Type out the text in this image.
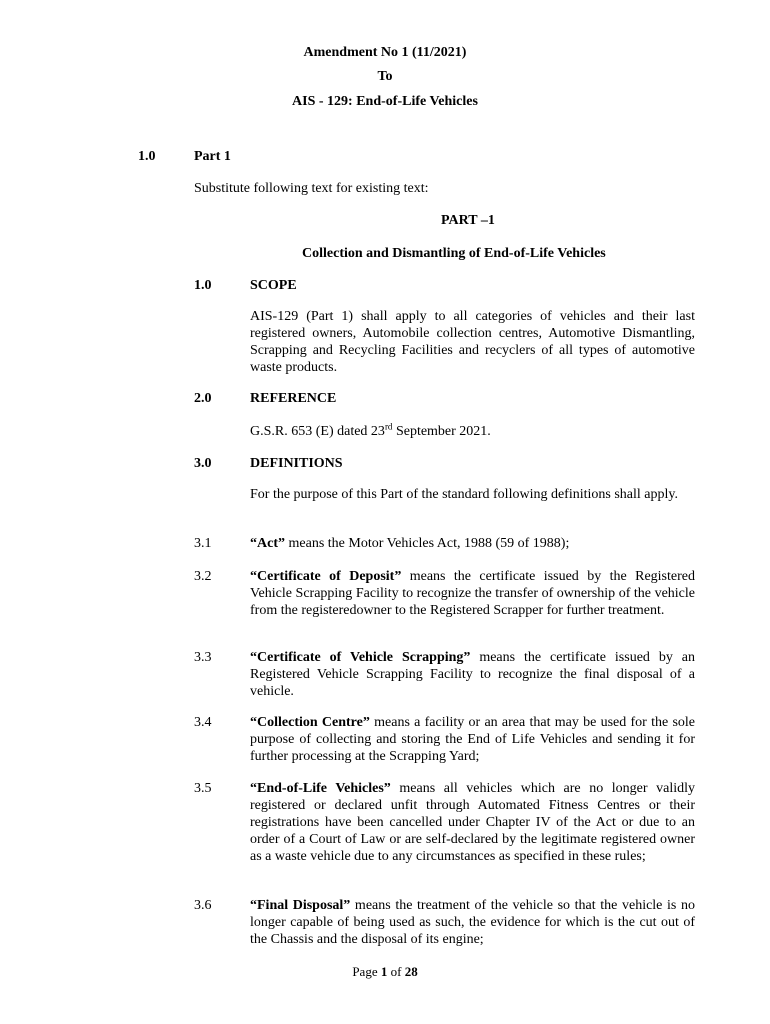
Amendment No 1 (11/2021)
To
AIS - 129: End-of-Life Vehicles
1.0	Part 1
Substitute following text for existing text:
PART –1
Collection and Dismantling of End-of-Life Vehicles
1.0	SCOPE
AIS-129 (Part 1) shall apply to all categories of vehicles and their last registered owners, Automobile collection centres, Automotive Dismantling, Scrapping and Recycling Facilities and recyclers of all types of automotive waste products.
2.0	REFERENCE
G.S.R. 653 (E) dated 23rd September 2021.
3.0	DEFINITIONS
For the purpose of this Part of the standard following definitions shall apply.
3.1	“Act” means the Motor Vehicles Act, 1988 (59 of 1988);
3.2	“Certificate of Deposit” means the certificate issued by the Registered Vehicle Scrapping Facility to recognize the transfer of ownership of the vehicle from the registeredowner to the Registered Scrapper for further treatment.
3.3	“Certificate of Vehicle Scrapping” means the certificate issued by an Registered Vehicle Scrapping Facility to recognize the final disposal of a vehicle.
3.4	“Collection Centre” means a facility or an area that may be used for the sole purpose of collecting and storing the End of Life Vehicles and sending it for further processing at the Scrapping Yard;
3.5	“End-of-Life Vehicles” means all vehicles which are no longer validly registered or declared unfit through Automated Fitness Centres or their registrations have been cancelled under Chapter IV of the Act or due to an order of a Court of Law or are self-declared by the legitimate registered owner as a waste vehicle due to any circumstances as specified in these rules;
3.6	“Final Disposal” means the treatment of the vehicle so that the vehicle is no longer capable of being used as such, the evidence for which is the cut out of the Chassis and the disposal of its engine;
Page 1 of 28
